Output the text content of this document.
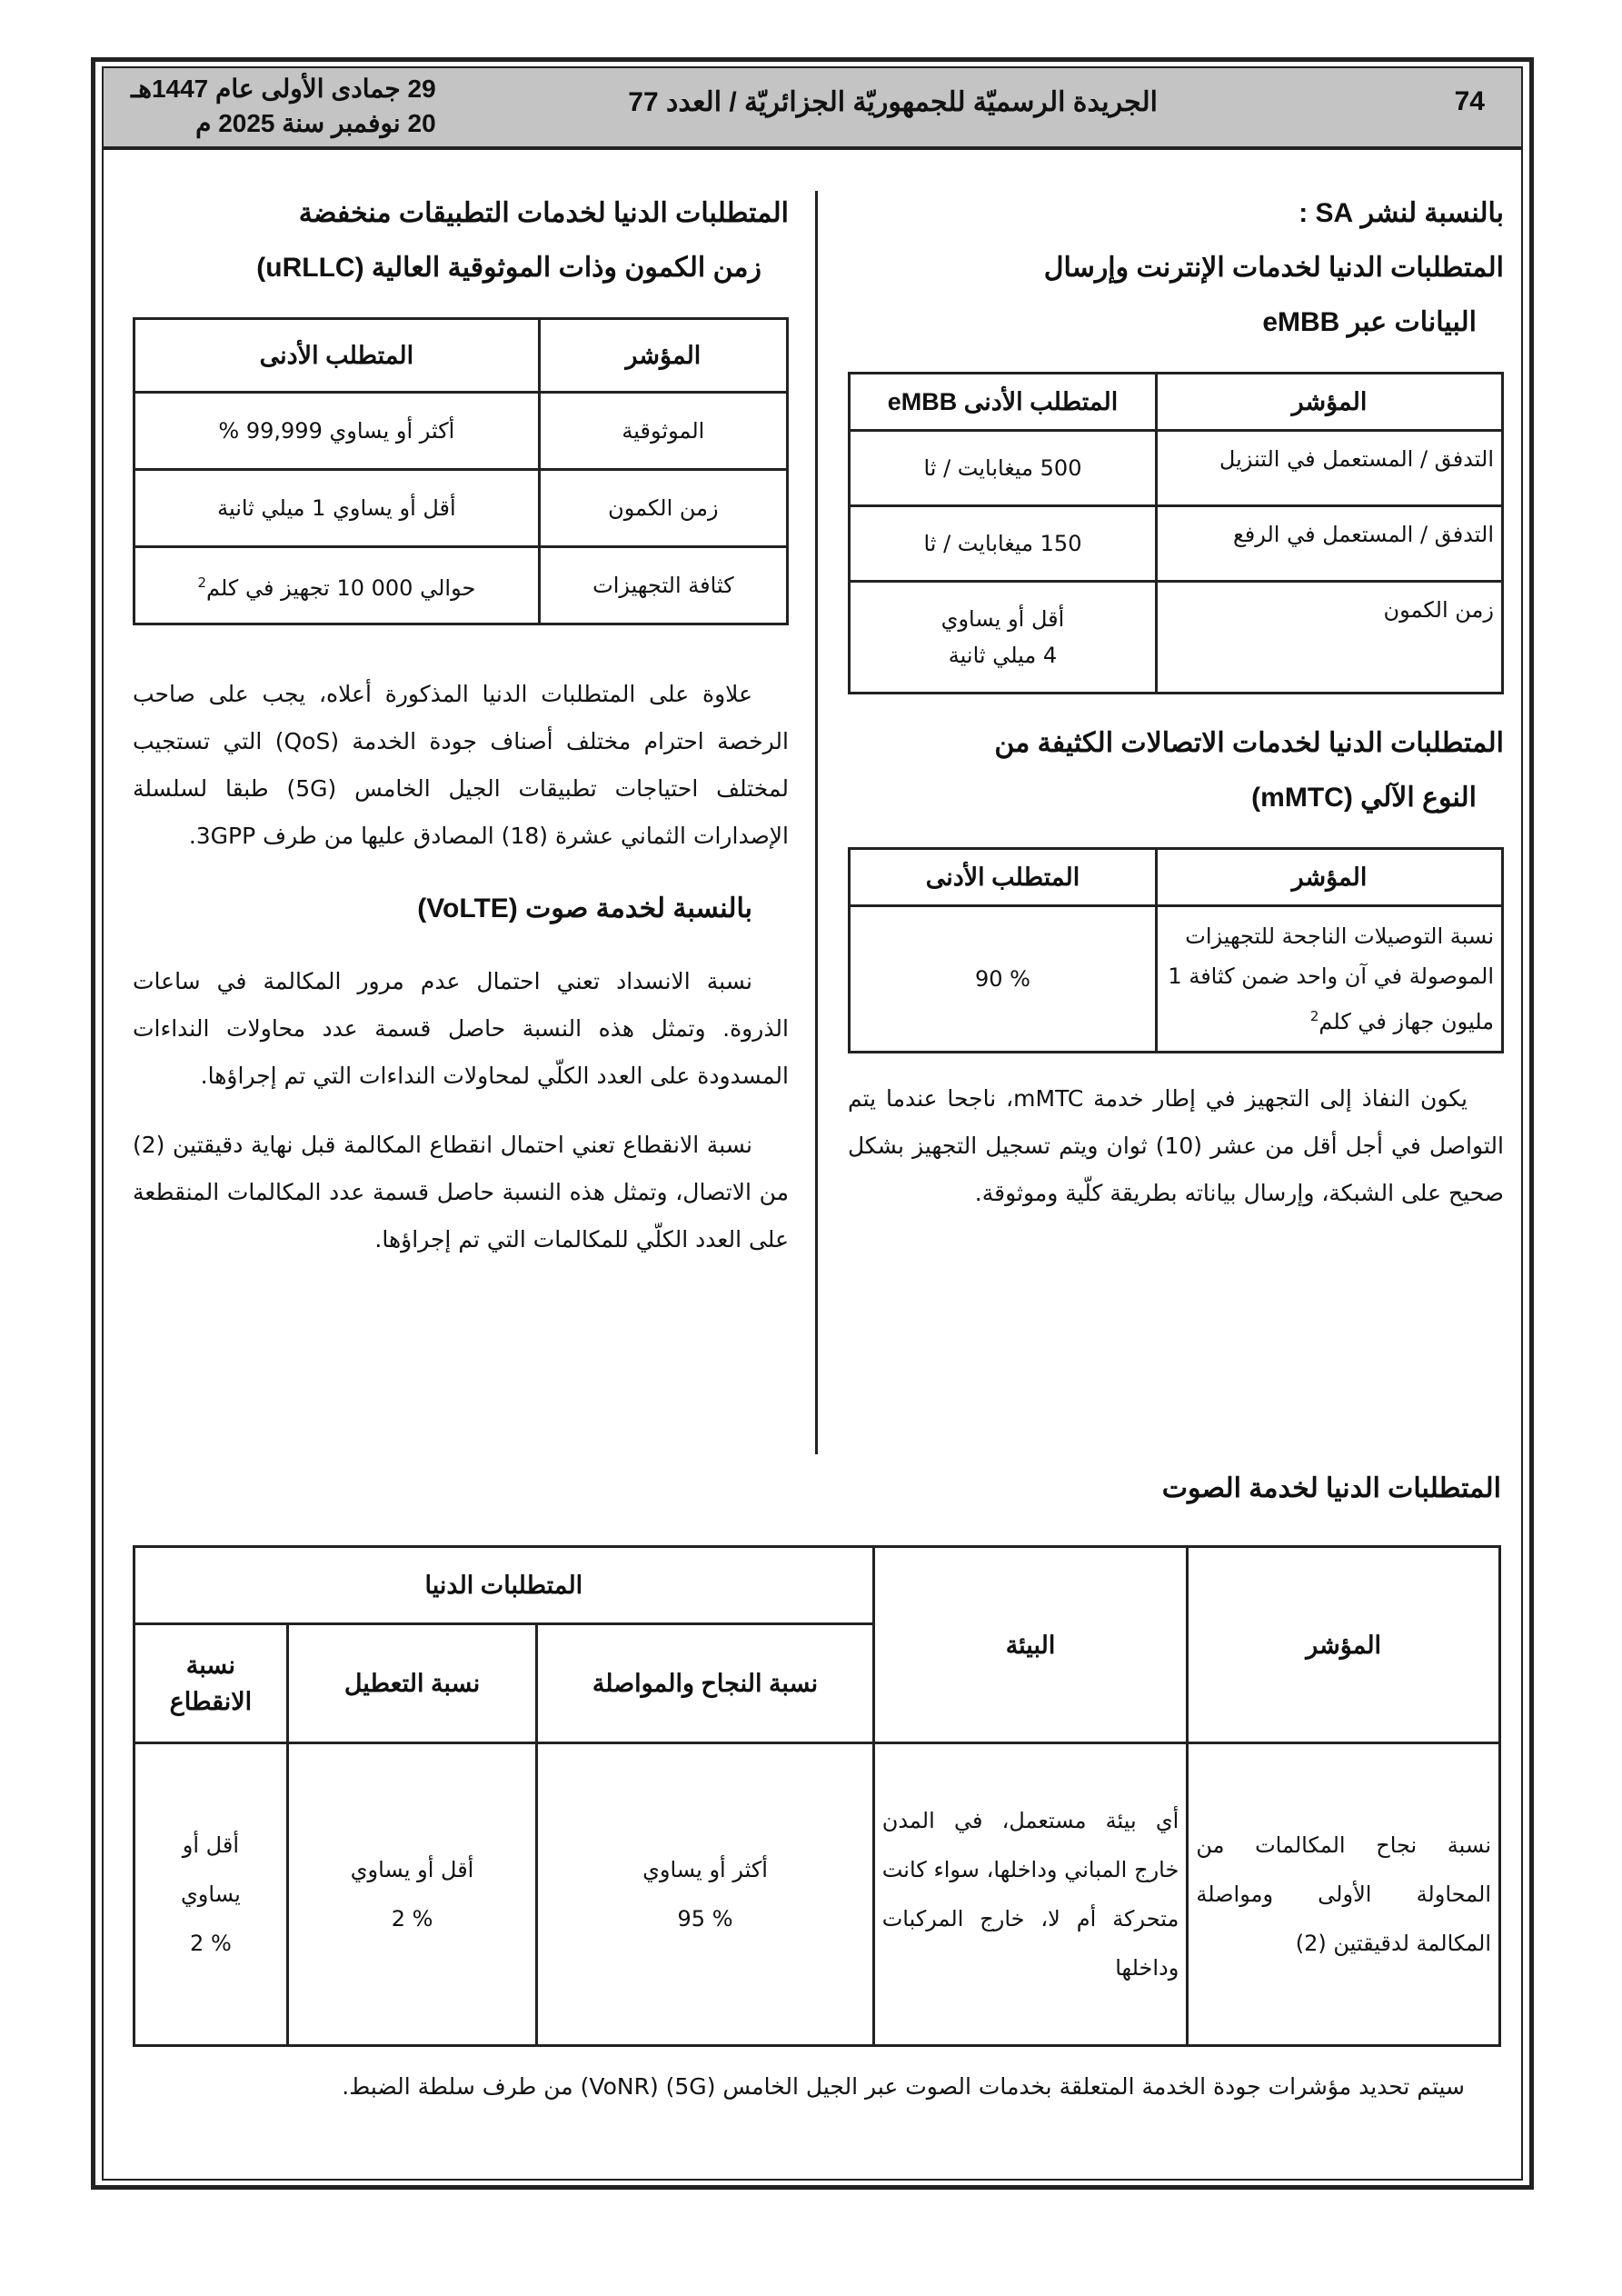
74
الجريدة الرسميّة للجمهوريّة الجزائريّة / العدد 77
29 جمادى الأولى عام 1447هـ
20 نوفمبر سنة 2025 م
بالنسبة لنشر SA :
المتطلبات الدنيا لخدمات الإنترنت وإرسال
البيانات عبر eMBB
المؤشر	المتطلب الأدنى eMBB
التدفق / المستعمل في التنزيل	500 ميغابايت / ثا
التدفق / المستعمل في الرفع	150 ميغابايت / ثا
زمن الكمون	أقل أو يساوي 4 ميلي ثانية
المتطلبات الدنيا لخدمات الاتصالات الكثيفة من
النوع الآلي (mMTC)
المؤشر	المتطلب الأدنى
نسبة التوصيلات الناجحة للتجهيزات الموصولة في آن واحد ضمن كثافة 1 مليون جهاز في كلم$^2$	% 90

يكون النفاذ إلى التجهيز في إطار خدمة mMTC، ناجحا عندما يتم التواصل في أجل أقل من عشر (10) ثوان ويتم تسجيل التجهيز بشكل صحيح على الشبكة، وإرسال بياناته بطريقة كلّية وموثوقة.

المتطلبات الدنيا لخدمات التطبيقات منخفضة
زمن الكمون وذات الموثوقية العالية (uRLLC)
المؤشر	المتطلب الأدنى
الموثوقية	أكثر أو يساوي 99,999 %
زمن الكمون	أقل أو يساوي 1 ميلي ثانية
كثافة التجهيزات	حوالي 000 10 تجهيز في كلم$^2$

علاوة على المتطلبات الدنيا المذكورة أعلاه، يجب على صاحب الرخصة احترام مختلف أصناف جودة الخدمة (QoS) التي تستجيب لمختلف احتياجات تطبيقات الجيل الخامس (5G) طبقا لسلسلة الإصدارات الثماني عشرة (18) المصادق عليها من طرف 3GPP.

بالنسبة لخدمة صوت (VoLTE)

نسبة الانسداد تعني احتمال عدم مرور المكالمة في ساعات الذروة. وتمثل هذه النسبة حاصل قسمة عدد محاولات النداءات المسدودة على العدد الكلّي لمحاولات النداءات التي تم إجراؤها.

نسبة الانقطاع تعني احتمال انقطاع المكالمة قبل نهاية دقيقتين (2) من الاتصال، وتمثل هذه النسبة حاصل قسمة عدد المكالمات المنقطعة على العدد الكلّي للمكالمات التي تم إجراؤها.

المتطلبات الدنيا لخدمة الصوت
المؤشر	البيئة	المتطلبات الدنيا		
		نسبة النجاح والمواصلة	نسبة التعطيل	نسبة الانقطاع
نسبة نجاح المكالمات من المحاولة الأولى ومواصلة المكالمة لدقيقتين (2)	أي بيئة مستعمل، في المدن خارج المباني وداخلها، سواء كانت متحركة أم لا، خارج المركبات وداخلها	أكثر أو يساوي % 95	أقل أو يساوي % 2	أقل أو يساوي % 2

سيتم تحديد مؤشرات جودة الخدمة المتعلقة بخدمات الصوت عبر الجيل الخامس (5G) (VoNR) من طرف سلطة الضبط.
